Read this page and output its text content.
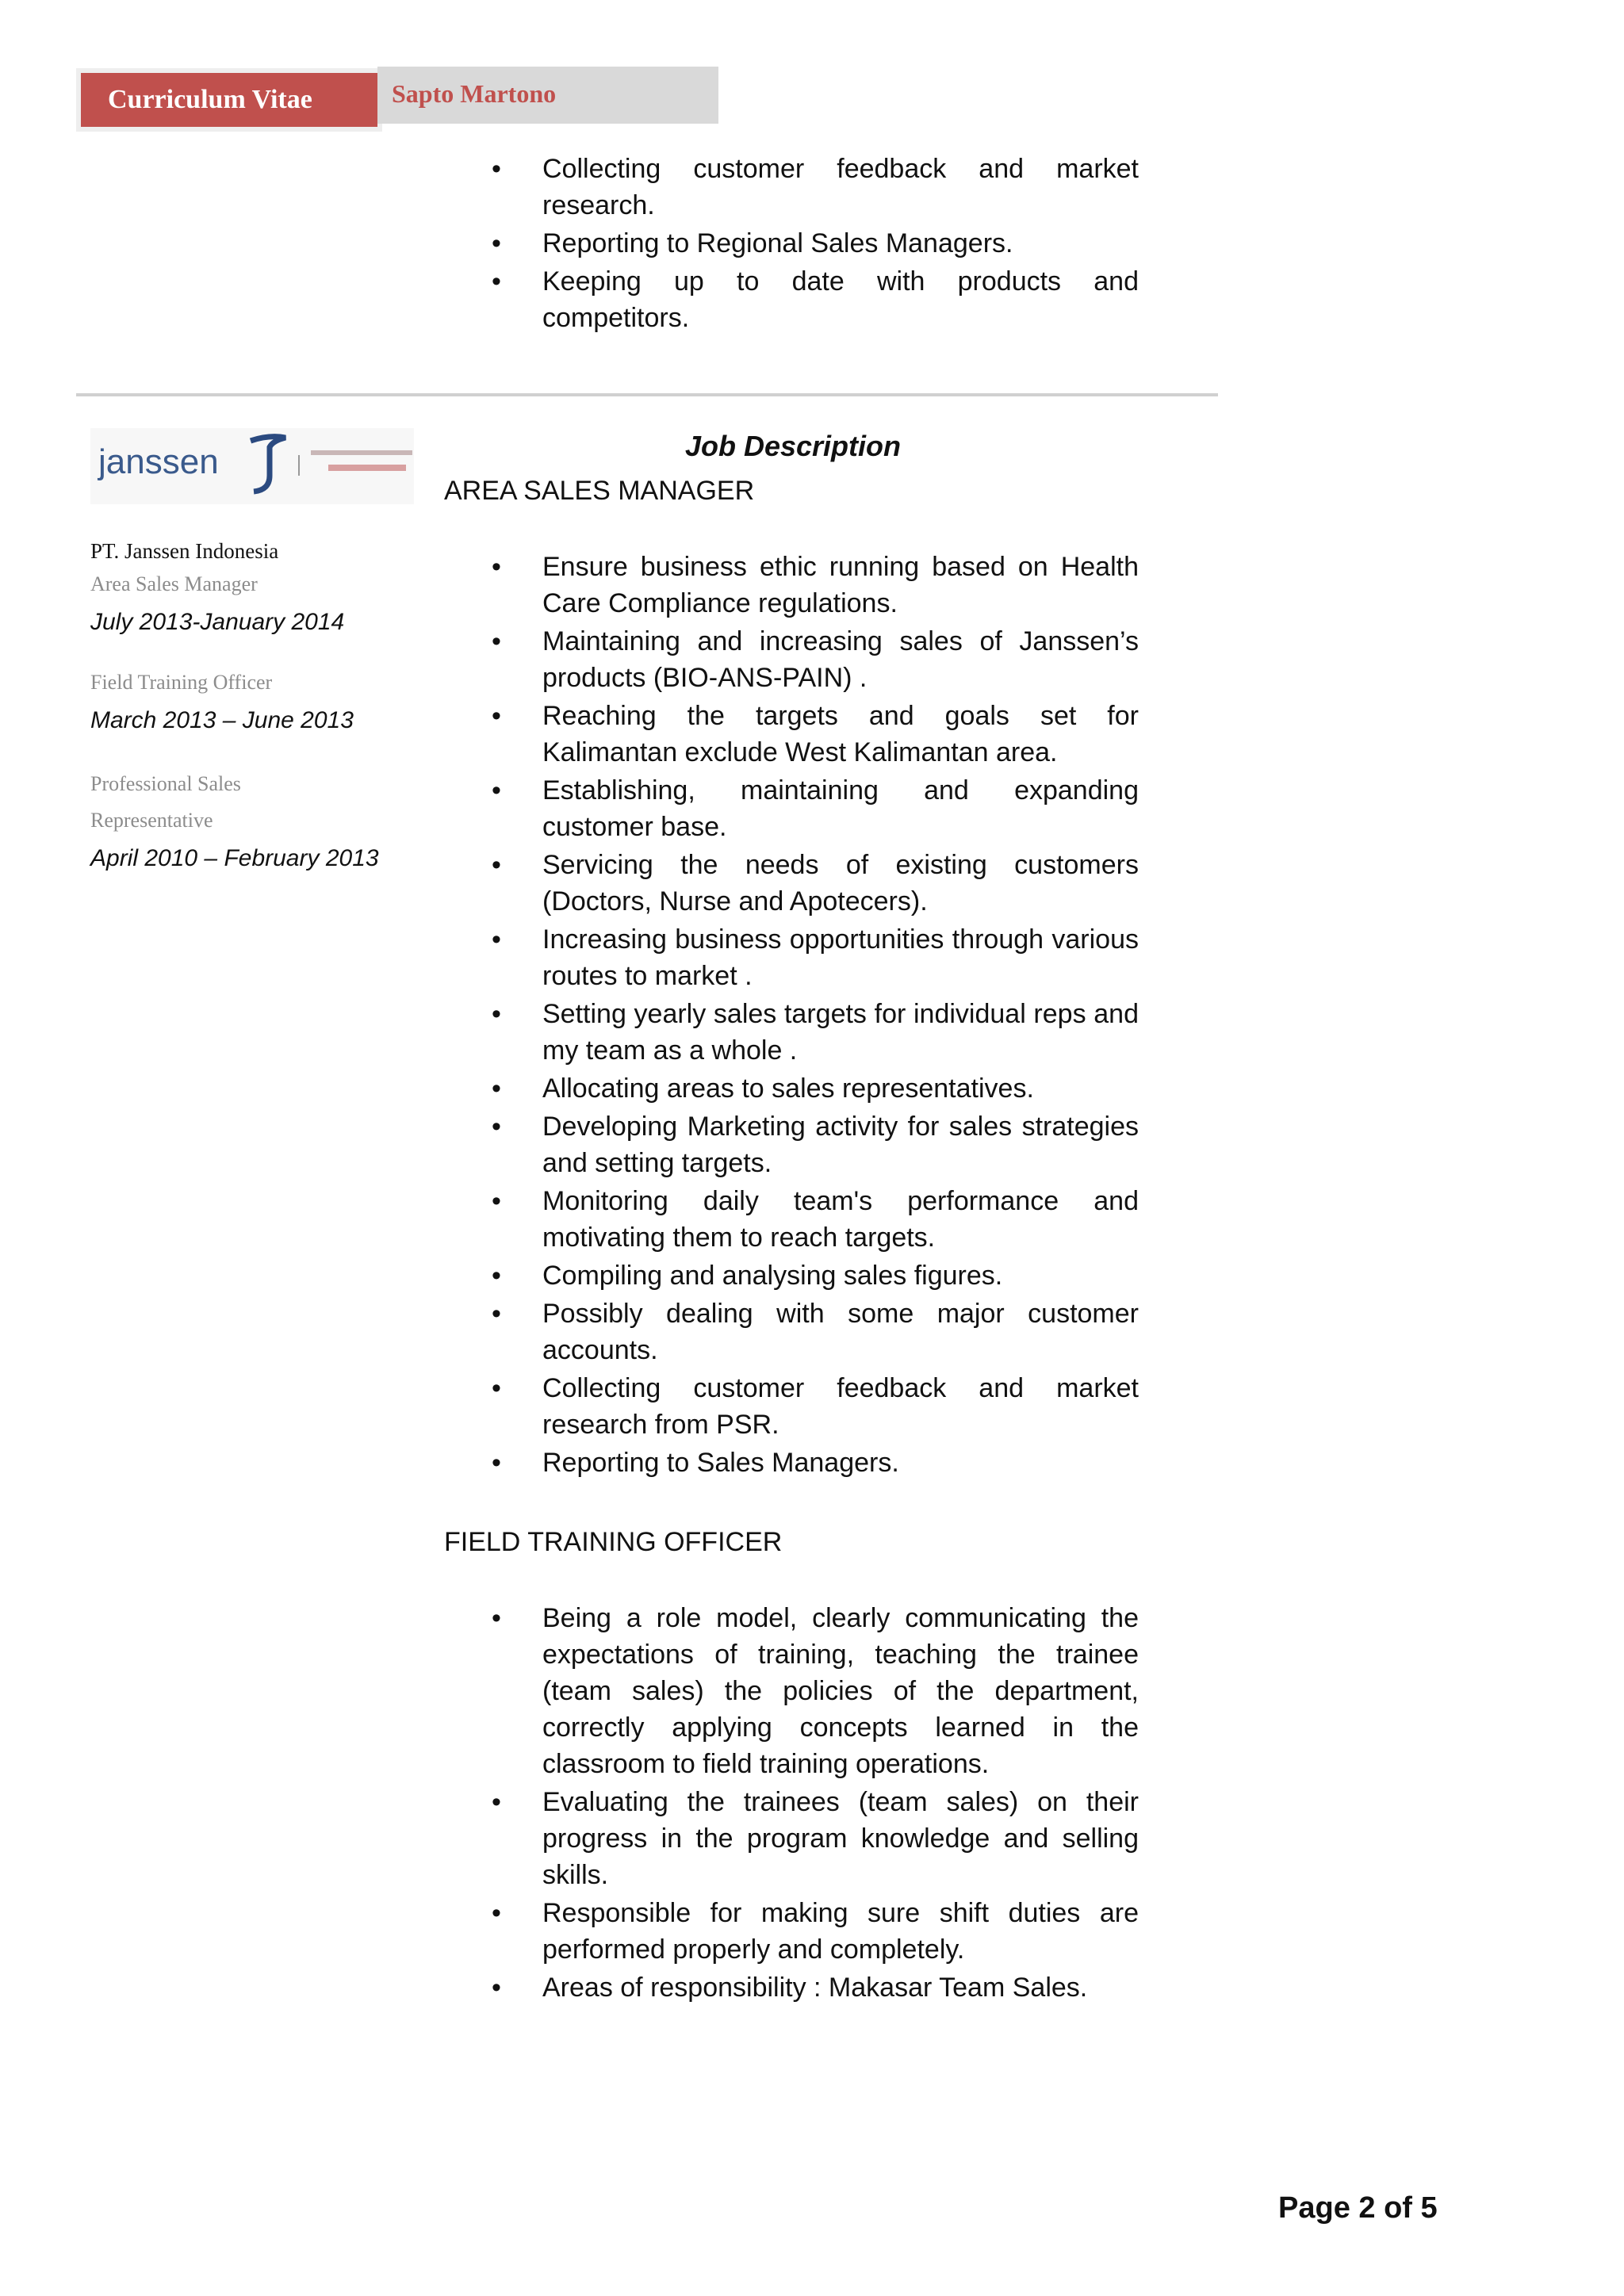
Curriculum Vitae	Sapto Martono
• Collecting customer feedback and market research.
• Reporting to Regional Sales Managers.
• Keeping up to date with products and competitors.
janssen
PT. Janssen Indonesia
Area Sales Manager
July 2013-January 2014
Field Training Officer
March 2013 – June 2013
Professional Sales
Representative
April 2010 – February 2013
Job Description
AREA SALES MANAGER
• Ensure business ethic running based on Health Care Compliance regulations.
• Maintaining and increasing sales of Janssen’s products (BIO-ANS-PAIN) .
• Reaching the targets and goals set for Kalimantan exclude West Kalimantan area.
• Establishing, maintaining and expanding customer base.
• Servicing the needs of existing customers (Doctors, Nurse and Apotecers).
• Increasing business opportunities through various routes to market .
• Setting yearly sales targets for individual reps and my team as a whole .
• Allocating areas to sales representatives.
• Developing Marketing activity for sales strategies and setting targets.
• Monitoring daily team's performance and motivating them to reach targets.
• Compiling and analysing sales figures.
• Possibly dealing with some major customer accounts.
• Collecting customer feedback and market research from PSR.
• Reporting to Sales Managers.
FIELD TRAINING OFFICER
• Being a role model, clearly communicating the expectations of training, teaching the trainee (team sales) the policies of the department, correctly applying concepts learned in the classroom to field training operations.
• Evaluating the trainees (team sales) on their progress in the program knowledge and selling skills.
• Responsible for making sure shift duties are performed properly and completely.
• Areas of responsibility : Makasar Team Sales.
Page 2 of 5
